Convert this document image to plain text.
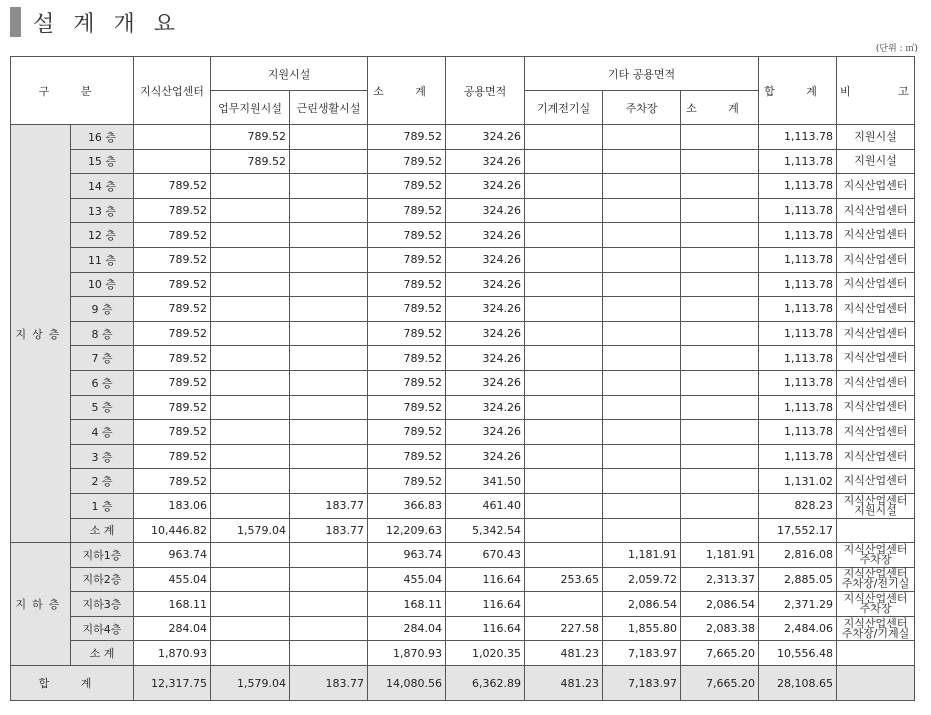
설 계 개 요
(단위 : ㎡)
구 분		지식산업센터	지원시설		소 계	공용면적	기타 공용면적			합 계	비 고
			업무지원시설	근린생활시설			기계전기실	주차장	소 계		
지상층	16 층		789.52		789.52	324.26				1,113.78	지원시설
	15 층		789.52		789.52	324.26				1,113.78	지원시설
	14 층	789.52			789.52	324.26				1,113.78	지식산업센터
	13 층	789.52			789.52	324.26				1,113.78	지식산업센터
	12 층	789.52			789.52	324.26				1,113.78	지식산업센터
	11 층	789.52			789.52	324.26				1,113.78	지식산업센터
	10 층	789.52			789.52	324.26				1,113.78	지식산업센터
	9 층	789.52			789.52	324.26				1,113.78	지식산업센터
	8 층	789.52			789.52	324.26				1,113.78	지식산업센터
	7 층	789.52			789.52	324.26				1,113.78	지식산업센터
	6 층	789.52			789.52	324.26				1,113.78	지식산업센터
	5 층	789.52			789.52	324.26				1,113.78	지식산업센터
	4 층	789.52			789.52	324.26				1,113.78	지식산업센터
	3 층	789.52			789.52	324.26				1,113.78	지식산업센터
	2 층	789.52			789.52	341.50				1,131.02	지식산업센터
	1 층	183.06		183.77	366.83	461.40				828.23	지식산업센터
지원시설
	소 계	10,446.82	1,579.04	183.77	12,209.63	5,342.54				17,552.17	
지하층	지하1층	963.74			963.74	670.43		1,181.91	1,181.91	2,816.08	지식산업센터
주차장
	지하2층	455.04			455.04	116.64	253.65	2,059.72	2,313.37	2,885.05	지식산업센터
주차장/전기실
	지하3층	168.11			168.11	116.64		2,086.54	2,086.54	2,371.29	지식산업센터
주차장
	지하4층	284.04			284.04	116.64	227.58	1,855.80	2,083.38	2,484.06	지식산업센터
주차장/기계실
	소 계	1,870.93			1,870.93	1,020.35	481.23	7,183.97	7,665.20	10,556.48	
합 계		12,317.75	1,579.04	183.77	14,080.56	6,362.89	481.23	7,183.97	7,665.20	28,108.65	
